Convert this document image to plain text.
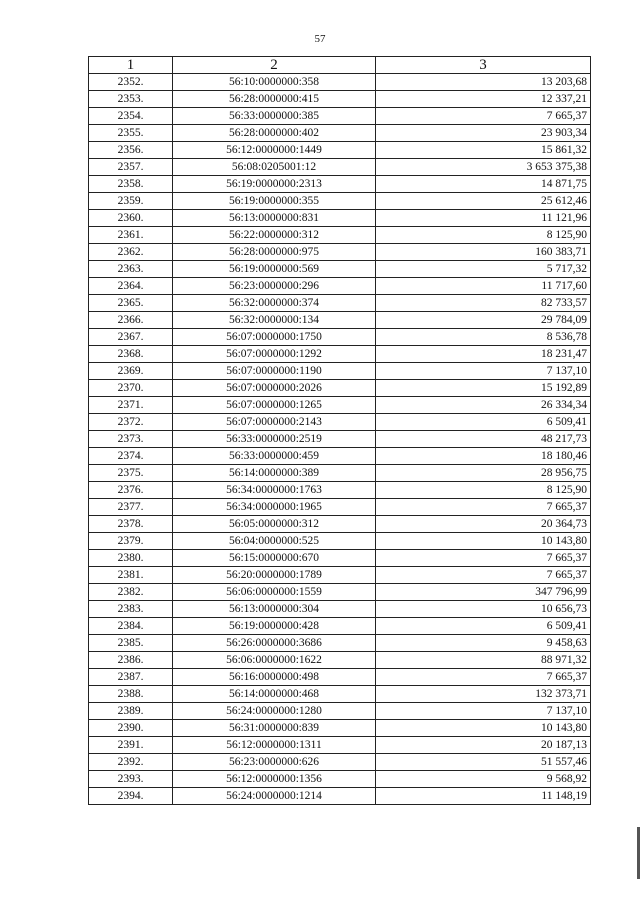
57
1	2	3
2352.	56:10:0000000:358	13 203,68
2353.	56:28:0000000:415	12 337,21
2354.	56:33:0000000:385	7 665,37
2355.	56:28:0000000:402	23 903,34
2356.	56:12:0000000:1449	15 861,32
2357.	56:08:0205001:12	3 653 375,38
2358.	56:19:0000000:2313	14 871,75
2359.	56:19:0000000:355	25 612,46
2360.	56:13:0000000:831	11 121,96
2361.	56:22:0000000:312	8 125,90
2362.	56:28:0000000:975	160 383,71
2363.	56:19:0000000:569	5 717,32
2364.	56:23:0000000:296	11 717,60
2365.	56:32:0000000:374	82 733,57
2366.	56:32:0000000:134	29 784,09
2367.	56:07:0000000:1750	8 536,78
2368.	56:07:0000000:1292	18 231,47
2369.	56:07:0000000:1190	7 137,10
2370.	56:07:0000000:2026	15 192,89
2371.	56:07:0000000:1265	26 334,34
2372.	56:07:0000000:2143	6 509,41
2373.	56:33:0000000:2519	48 217,73
2374.	56:33:0000000:459	18 180,46
2375.	56:14:0000000:389	28 956,75
2376.	56:34:0000000:1763	8 125,90
2377.	56:34:0000000:1965	7 665,37
2378.	56:05:0000000:312	20 364,73
2379.	56:04:0000000:525	10 143,80
2380.	56:15:0000000:670	7 665,37
2381.	56:20:0000000:1789	7 665,37
2382.	56:06:0000000:1559	347 796,99
2383.	56:13:0000000:304	10 656,73
2384.	56:19:0000000:428	6 509,41
2385.	56:26:0000000:3686	9 458,63
2386.	56:06:0000000:1622	88 971,32
2387.	56:16:0000000:498	7 665,37
2388.	56:14:0000000:468	132 373,71
2389.	56:24:0000000:1280	7 137,10
2390.	56:31:0000000:839	10 143,80
2391.	56:12:0000000:1311	20 187,13
2392.	56:23:0000000:626	51 557,46
2393.	56:12:0000000:1356	9 568,92
2394.	56:24:0000000:1214	11 148,19
